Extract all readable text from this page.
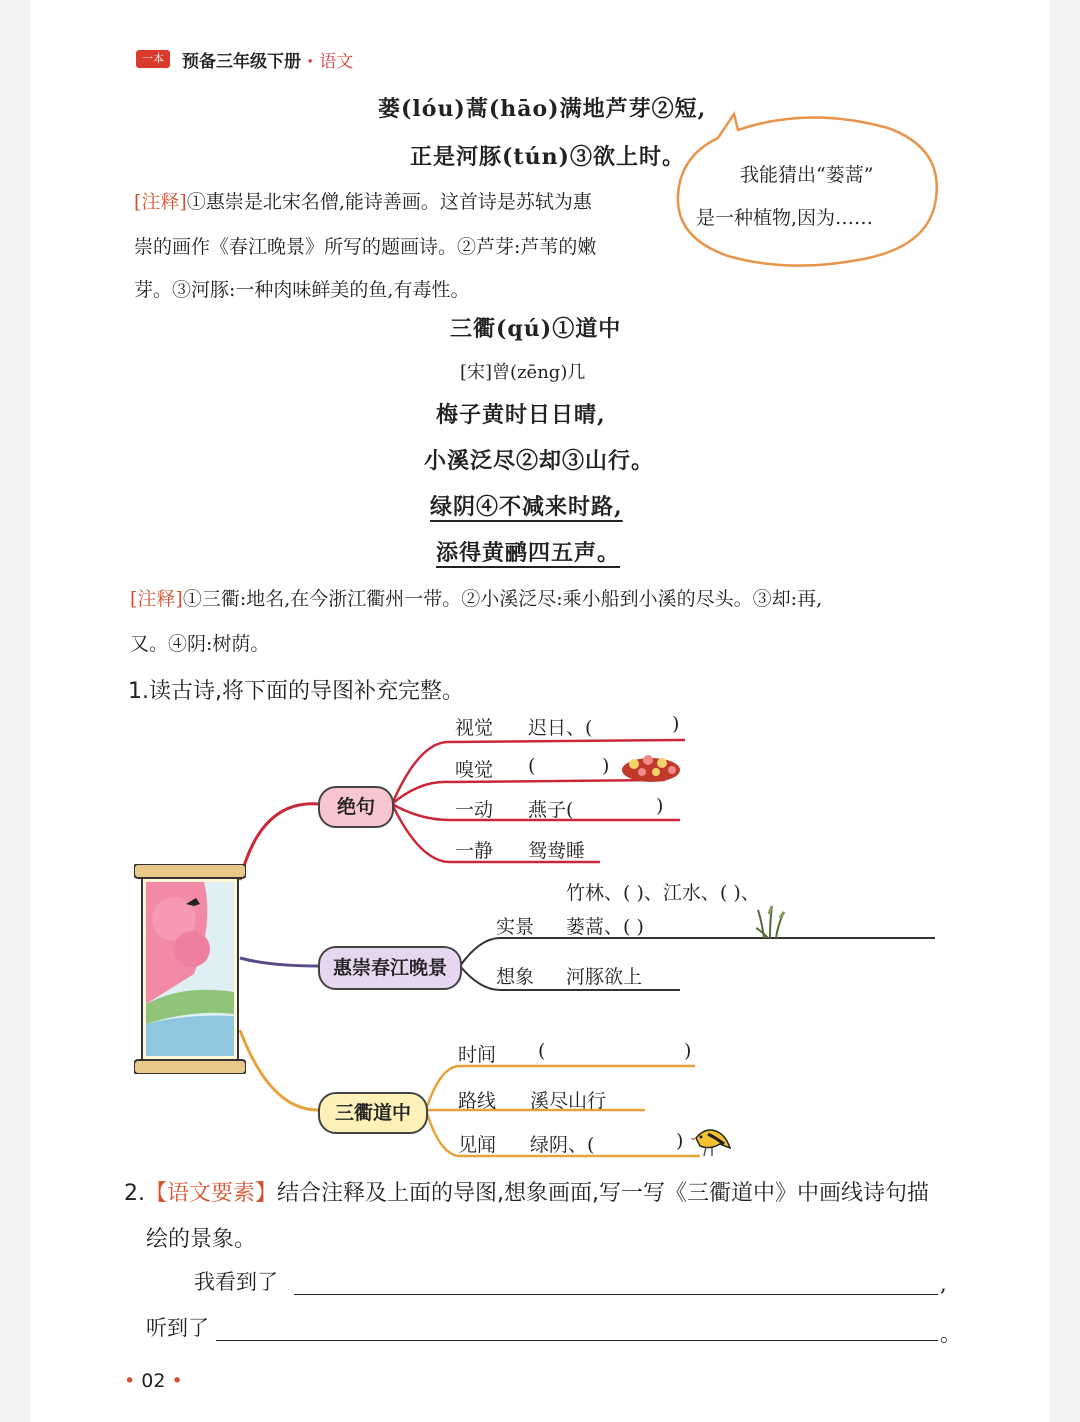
一本	预备三年级下册 · 语文
蒌(lóu)蒿(hāo)满地芦芽②短,
正是河豚(tún)③欲上时。
我能猜出“蒌蒿”
是一种植物,因为……
[注释]①惠崇是北宋名僧,能诗善画。这首诗是苏轼为惠
崇的画作《春江晚景》所写的题画诗。②芦芽:芦苇的嫩
芽。③河豚:一种肉味鲜美的鱼,有毒性。
三衢(qú)①道中
[宋]曾(zēng)几
梅子黄时日日晴,
小溪泛尽②却③山行。
绿阴④不减来时路,
添得黄鹂四五声。
[注释]①三衢:地名,在今浙江衢州一带。②小溪泛尽:乘小船到小溪的尽头。③却:再,
又。④阴:树荫。
1.读古诗,将下面的导图补充完整。
绝句
惠崇春江晚景
三衢道中
视觉 迟日、(	)
嗅觉 (	)
一动 燕子(	)
一静 鸳鸯睡
竹林、( )、江水、( )、
实景 蒌蒿、( )
想象 河豚欲上
时间 (	)
路线 溪尽山行
见闻 绿阴、(	)
2.【语文要素】结合注释及上面的导图,想象画面,写一写《三衢道中》中画线诗句描
绘的景象。
我看到了	,
听到了	。
• 02 •
